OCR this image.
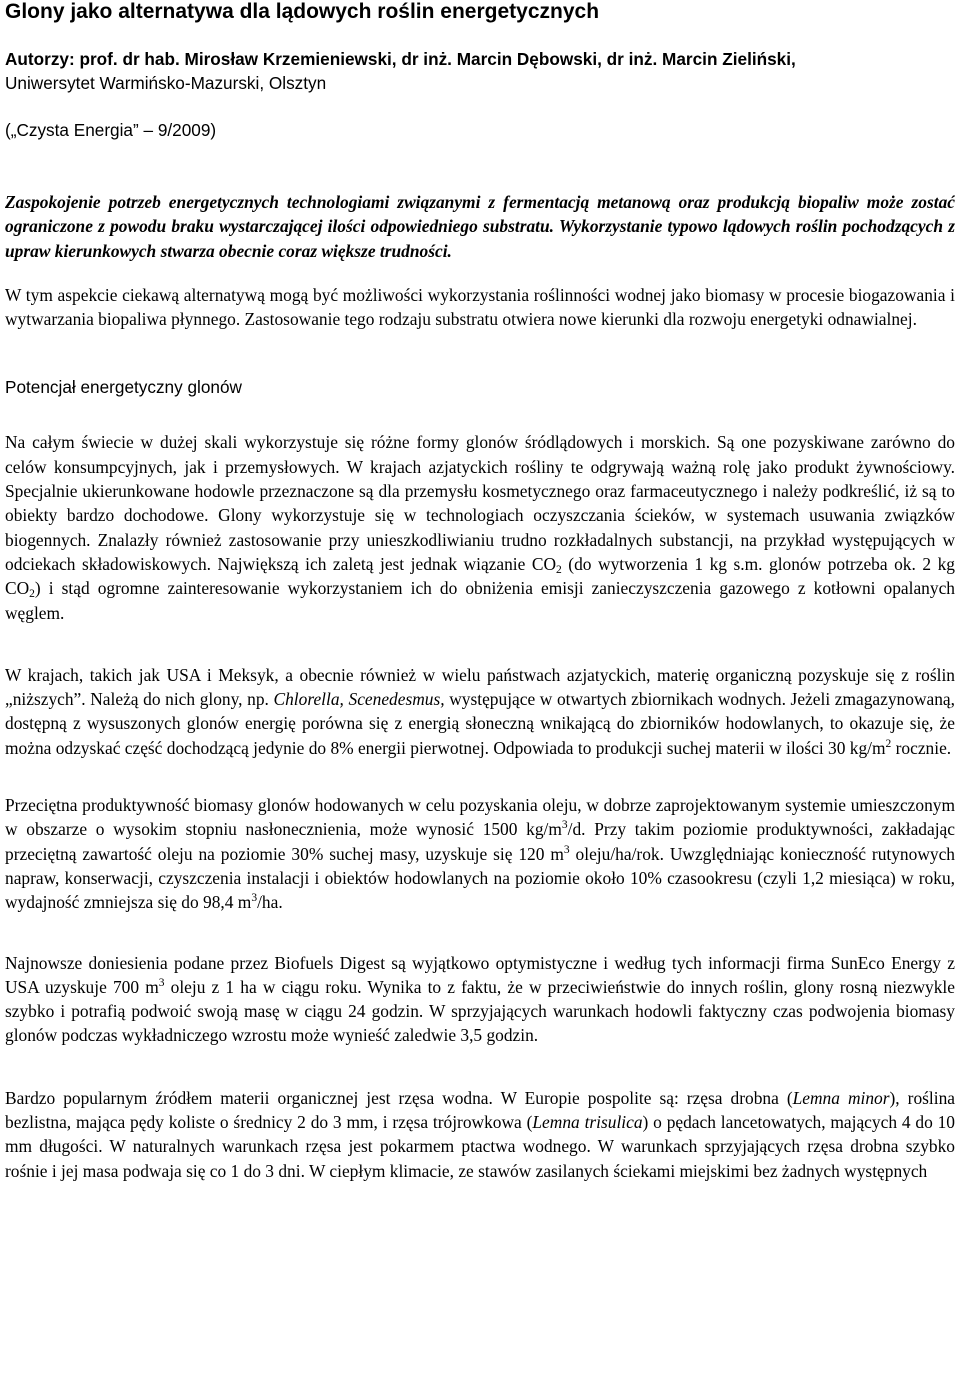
Glony jako alternatywa dla lądowych roślin energetycznych
Autorzy: prof. dr hab. Mirosław Krzemieniewski, dr inż. Marcin Dębowski, dr inż. Marcin Zieliński,
Uniwersytet Warmińsko-Mazurski, Olsztyn
(„Czysta Energia” – 9/2009)

Zaspokojenie potrzeb energetycznych technologiami związanymi z fermentacją metanową oraz produkcją biopaliw może zostać ograniczone z powodu braku wystarczającej ilości odpowiedniego substratu. Wykorzystanie typowo lądowych roślin pochodzących z upraw kierunkowych stwarza obecnie coraz większe trudności.

W tym aspekcie ciekawą alternatywą mogą być możliwości wykorzystania roślinności wodnej jako biomasy w procesie biogazowania i wytwarzania biopaliwa płynnego. Zastosowanie tego rodzaju substratu otwiera nowe kierunki dla rozwoju energetyki odnawialnej.

Potencjał energetyczny glonów

Na całym świecie w dużej skali wykorzystuje się różne formy glonów śródlądowych i morskich. Są one pozyskiwane zarówno do celów konsumpcyjnych, jak i przemysłowych. W krajach azjatyckich rośliny te odgrywają ważną rolę jako produkt żywnościowy. Specjalnie ukierunkowane hodowle przeznaczone są dla przemysłu kosmetycznego oraz farmaceutycznego i należy podkreślić, iż są to obiekty bardzo dochodowe. Glony wykorzystuje się w technologiach oczyszczania ścieków, w systemach usuwania związków biogennych. Znalazły również zastosowanie przy unieszkodliwianiu trudno rozkładalnych substancji, na przykład występujących w odciekach składowiskowych. Największą ich zaletą jest jednak wiązanie $CO_2$ (do wytworzenia 1 kg s.m. glonów potrzeba ok. 2 kg $CO_2$) i stąd ogromne zainteresowanie wykorzystaniem ich do obniżenia emisji zanieczyszczenia gazowego z kotłowni opalanych węglem.

W krajach, takich jak USA i Meksyk, a obecnie również w wielu państwach azjatyckich, materię organiczną pozyskuje się z roślin „niższych”. Należą do nich glony, np. Chlorella, Scenedesmus, występujące w otwartych zbiornikach wodnych. Jeżeli zmagazynowaną, dostępną z wysuszonych glonów energię porówna się z energią słoneczną wnikającą do zbiorników hodowlanych, to okazuje się, że można odzyskać część dochodzącą jedynie do 8% energii pierwotnej. Odpowiada to produkcji suchej materii w ilości 30 $kg/m^2$ rocznie.

Przeciętna produktywność biomasy glonów hodowanych w celu pozyskania oleju, w dobrze zaprojektowanym systemie umieszczonym w obszarze o wysokim stopniu nasłonecznienia, może wynosić 1500 $kg/m^3/d$. Przy takim poziomie produktywności, zakładając przeciętną zawartość oleju na poziomie 30% suchej masy, uzyskuje się 120 $m^3$ oleju/ha/rok. Uwzględniając konieczność rutynowych napraw, konserwacji, czyszczenia instalacji i obiektów hodowlanych na poziomie około 10% czasookresu (czyli 1,2 miesiąca) w roku, wydajność zmniejsza się do 98,4 $m^3/ha$.

Najnowsze doniesienia podane przez Biofuels Digest są wyjątkowo optymistyczne i według tych informacji firma SunEco Energy z USA uzyskuje 700 $m^3$ oleju z 1 ha w ciągu roku. Wynika to z faktu, że w przeciwieństwie do innych roślin, glony rosną niezwykle szybko i potrafią podwoić swoją masę w ciągu 24 godzin. W sprzyjających warunkach hodowli faktyczny czas podwojenia biomasy glonów podczas wykładniczego wzrostu może wynieść zaledwie 3,5 godzin.

Bardzo popularnym źródłem materii organicznej jest rzęsa wodna. W Europie pospolite są: rzęsa drobna (Lemna minor), roślina bezlistna, mająca pędy koliste o średnicy 2 do 3 mm, i rzęsa trójrowkowa (Lemna trisulica) o pędach lancetowatych, mających 4 do 10 mm długości. W naturalnych warunkach rzęsa jest pokarmem ptactwa wodnego. W warunkach sprzyjających rzęsa drobna szybko rośnie i jej masa podwaja się co 1 do 3 dni. W ciepłym klimacie, ze stawów zasilanych ściekami miejskimi bez żadnych występnych
